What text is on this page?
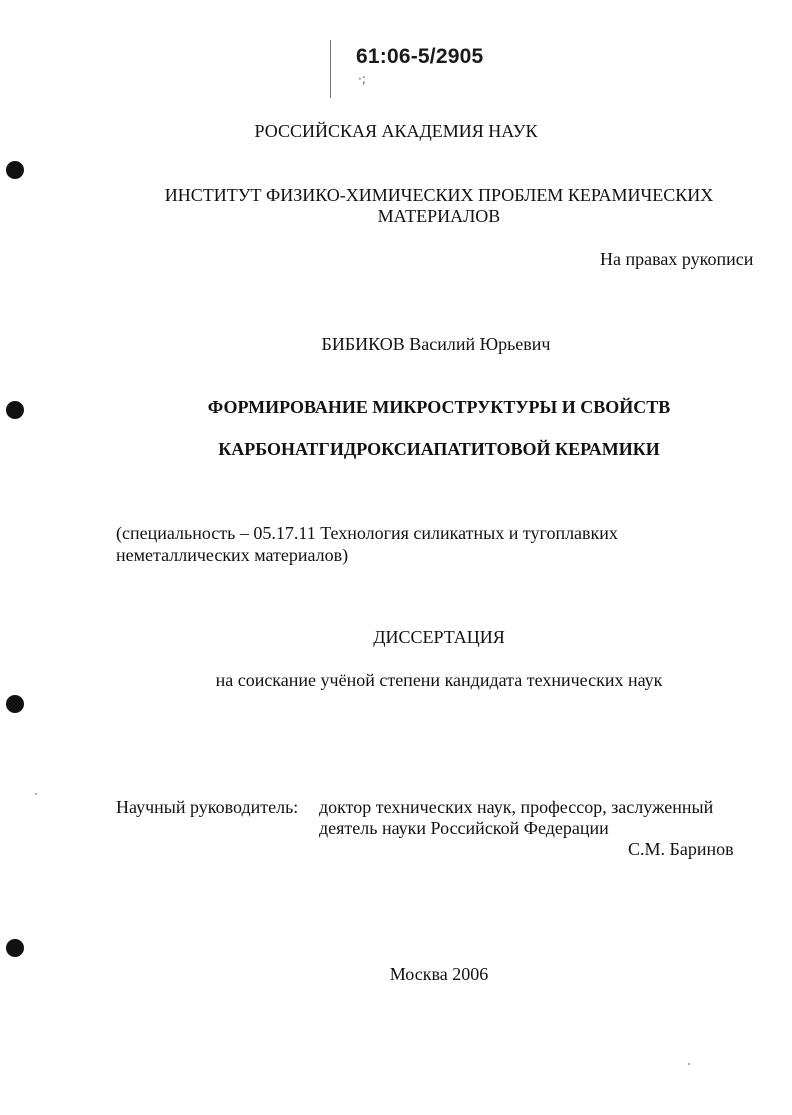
61:06-5/2905
·;
РОССИЙСКАЯ АКАДЕМИЯ НАУК
ИНСТИТУТ ФИЗИКО-ХИМИЧЕСКИХ ПРОБЛЕМ КЕРАМИЧЕСКИХ
МАТЕРИАЛОВ
На правах рукописи
БИБИКОВ Василий Юрьевич
ФОРМИРОВАНИЕ МИКРОСТРУКТУРЫ И СВОЙСТВ
КАРБОНАТГИДРОКСИАПАТИТОВОЙ КЕРАМИКИ
(специальность – 05.17.11 Технология силикатных и тугоплавких
неметаллических материалов)
ДИССЕРТАЦИЯ
на соискание учёной степени кандидата технических наук
Научный руководитель: доктор технических наук, профессор, заслуженный
деятель науки Российской Федерации
С.М. Баринов
Москва 2006
